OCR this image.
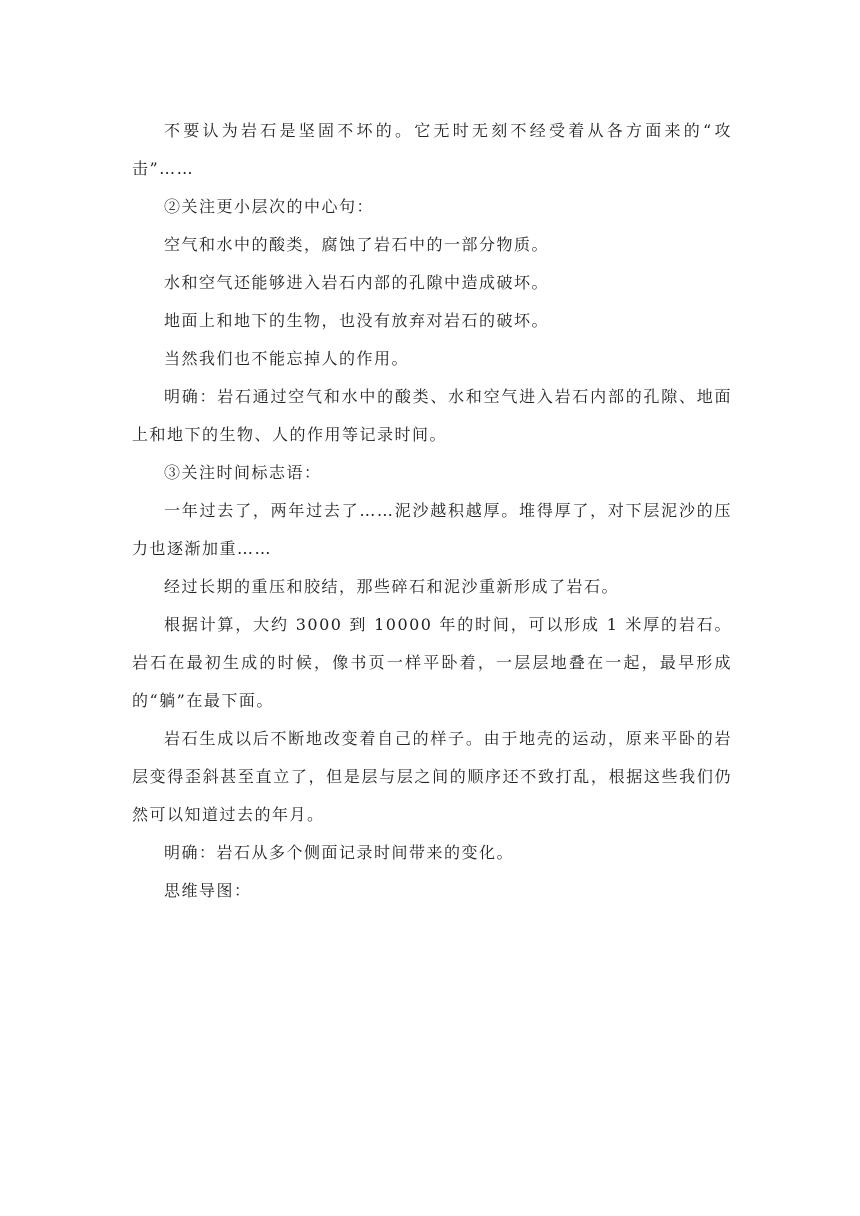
不要认为岩石是坚固不坏的。它无时无刻不经受着从各方面来的“攻击”……

②关注更小层次的中心句：

空气和水中的酸类，腐蚀了岩石中的一部分物质。

水和空气还能够进入岩石内部的孔隙中造成破坏。

地面上和地下的生物，也没有放弃对岩石的破坏。

当然我们也不能忘掉人的作用。

明确：岩石通过空气和水中的酸类、水和空气进入岩石内部的孔隙、地面上和地下的生物、人的作用等记录时间。

③关注时间标志语：

一年过去了，两年过去了……泥沙越积越厚。堆得厚了，对下层泥沙的压力也逐渐加重……

经过长期的重压和胶结，那些碎石和泥沙重新形成了岩石。

根据计算，大约 3000 到 10000 年的时间，可以形成 1 米厚的岩石。岩石在最初生成的时候，像书页一样平卧着，一层层地叠在一起，最早形成的“躺”在最下面。

岩石生成以后不断地改变着自己的样子。由于地壳的运动，原来平卧的岩层变得歪斜甚至直立了，但是层与层之间的顺序还不致打乱，根据这些我们仍然可以知道过去的年月。

明确：岩石从多个侧面记录时间带来的变化。

思维导图：
